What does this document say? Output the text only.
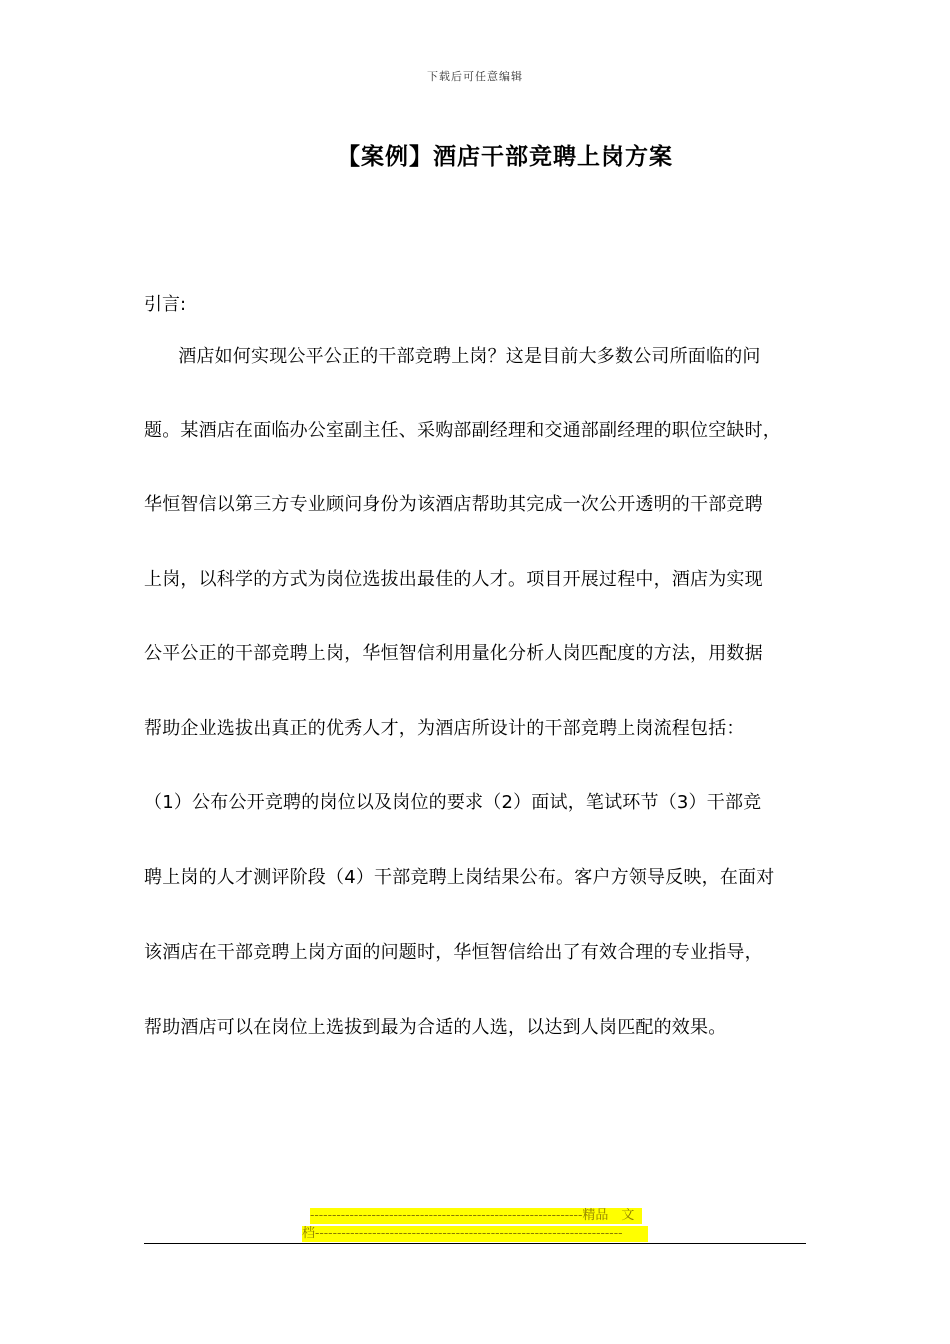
下载后可任意编辑
【案例】酒店干部竞聘上岗方案
引言:
　酒店如何实现公平公正的干部竞聘上岗？这是目前大多数公司所面临的问
题。某酒店在面临办公室副主任、采购部副经理和交通部副经理的职位空缺时，
华恒智信以第三方专业顾问身份为该酒店帮助其完成一次公开透明的干部竞聘
上岗，以科学的方式为岗位选拔出最佳的人才。项目开展过程中，酒店为实现
公平公正的干部竞聘上岗，华恒智信利用量化分析人岗匹配度的方法，用数据
帮助企业选拔出真正的优秀人才，为酒店所设计的干部竞聘上岗流程包括：
（1）公布公开竞聘的岗位以及岗位的要求（2）面试，笔试环节（3）干部竞
聘上岗的人才测评阶段（4）干部竞聘上岗结果公布。客户方领导反映，在面对
该酒店在干部竞聘上岗方面的问题时，华恒智信给出了有效合理的专业指导，
帮助酒店可以在岗位上选拔到最为合适的人选，以达到人岗匹配的效果。
--------------------------------------------------------------精品　文
档----------------------------------------------------------------------
